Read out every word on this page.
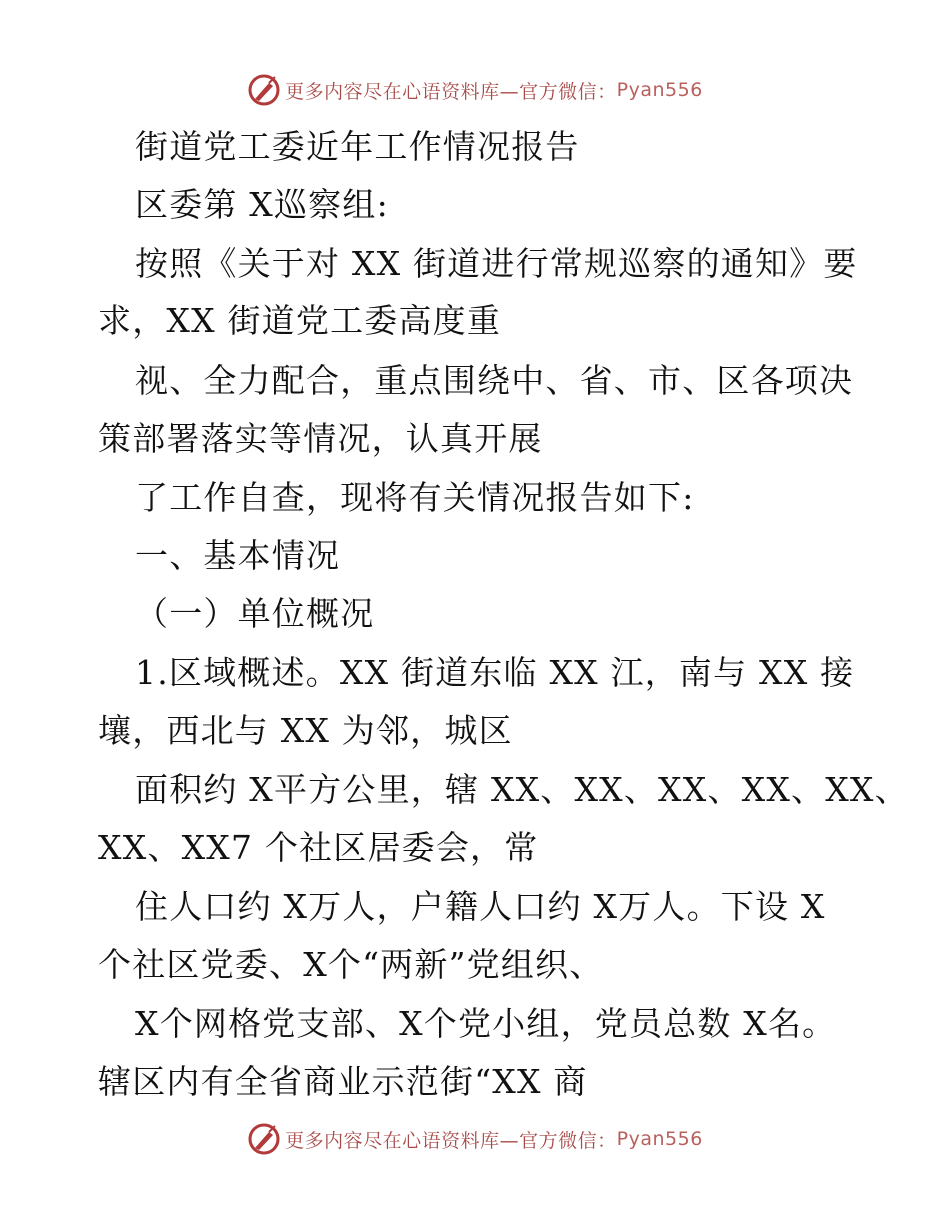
更多内容尽在心语资料库—官方微信： Pyan556
街道党工委近年工作情况报告
区委第 X巡察组:
按照《关于对 XX 街道进行常规巡察的通知》要
求，XX 街道党工委高度重
视、全力配合，重点围绕中、省、市、区各项决
策部署落实等情况，认真开展
了工作自查，现将有关情况报告如下:
一、基本情况
（一）单位概况
1.区域概述。XX 街道东临 XX 江，南与 XX 接
壤，西北与 XX 为邻，城区
面积约 X平方公里，辖 XX、XX、XX、XX、XX、
XX、XX7 个社区居委会，常
住人口约 X万人，户籍人口约 X万人。下设 X
个社区党委、X个“两新”党组织、
X个网格党支部、X个党小组，党员总数 X名。
辖区内有全省商业示范街“XX 商
更多内容尽在心语资料库—官方微信： Pyan556
